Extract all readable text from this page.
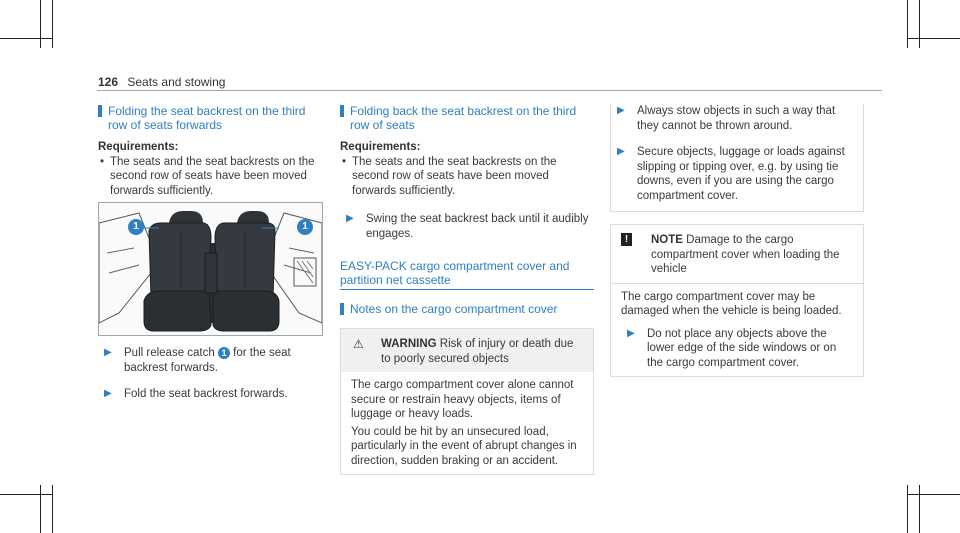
126 Seats and stowing
Folding the seat backrest on the third row of seats forwards
Requirements:
• The seats and the seat backrests on the second row of seats have been moved forwards sufficiently.
1	1
▶ Pull release catch 1 for the seat backrest forwards.
▶ Fold the seat backrest forwards.
Folding back the seat backrest on the third row of seats
Requirements:
• The seats and the seat backrests on the second row of seats have been moved forwards sufficiently.
▶ Swing the seat backrest back until it audibly engages.
EASY-PACK cargo compartment cover and partition net cassette
Notes on the cargo compartment cover
⚠	WARNING Risk of injury or death due to poorly secured objects
The cargo compartment cover alone cannot secure or restrain heavy objects, items of luggage or heavy loads.
You could be hit by an unsecured load, particularly in the event of abrupt changes in direction, sudden braking or an accident.
▶ Always stow objects in such a way that they cannot be thrown around.
▶ Secure objects, luggage or loads against slipping or tipping over, e.g. by using tie downs, even if you are using the cargo compartment cover.
!	NOTE Damage to the cargo compartment cover when loading the vehicle
The cargo compartment cover may be damaged when the vehicle is being loaded.
▶ Do not place any objects above the lower edge of the side windows or on the cargo compartment cover.
